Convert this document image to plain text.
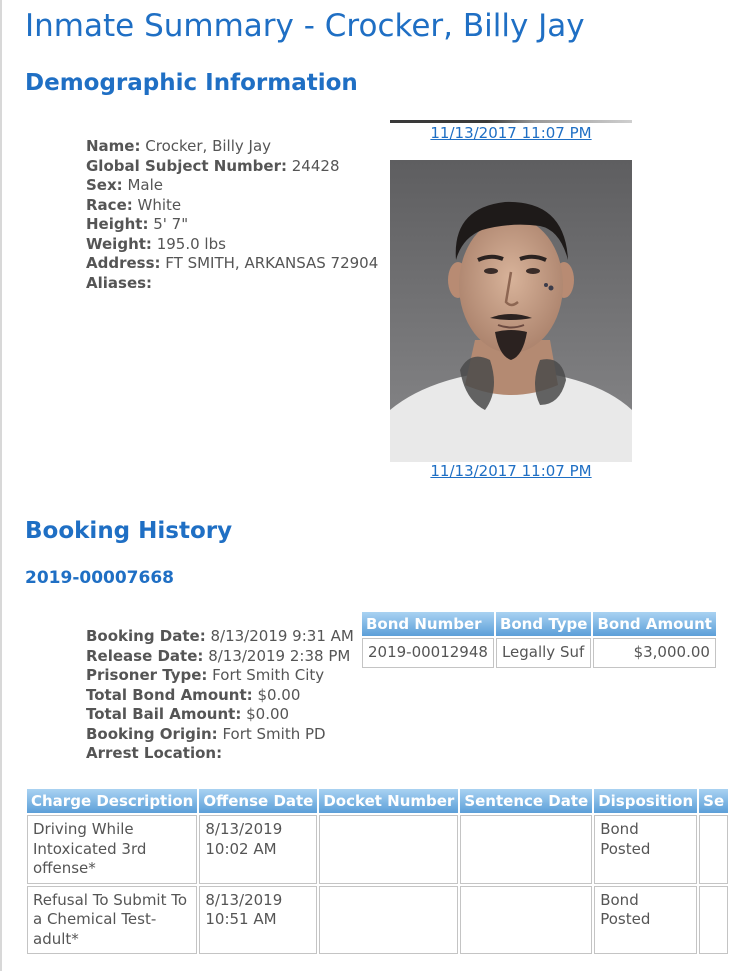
Inmate Summary - Crocker, Billy Jay
Demographic Information
Name: Crocker, Billy Jay
Global Subject Number: 24428
Sex: Male
Race: White
Height: 5' 7"
Weight: 195.0 lbs
Address: FT SMITH, ARKANSAS 72904
Aliases:
11/13/2017 11:07 PM
11/13/2017 11:07 PM
Booking History
2019-00007668
Booking Date: 8/13/2019 9:31 AM
Release Date: 8/13/2019 2:38 PM
Prisoner Type: Fort Smith City
Total Bond Amount: $0.00
Total Bail Amount: $0.00
Booking Origin: Fort Smith PD
Arrest Location:
Bond Number	Bond Type	Bond Amount
2019-00012948	Legally Suf	$3,000.00
Charge Description	Offense Date	Docket Number	Sentence Date	Disposition	Se
Driving While Intoxicated 3rd offense*	8/13/2019 10:02 AM			Bond Posted	
Refusal To Submit To a Chemical Test-adult*	8/13/2019 10:51 AM			Bond Posted	
